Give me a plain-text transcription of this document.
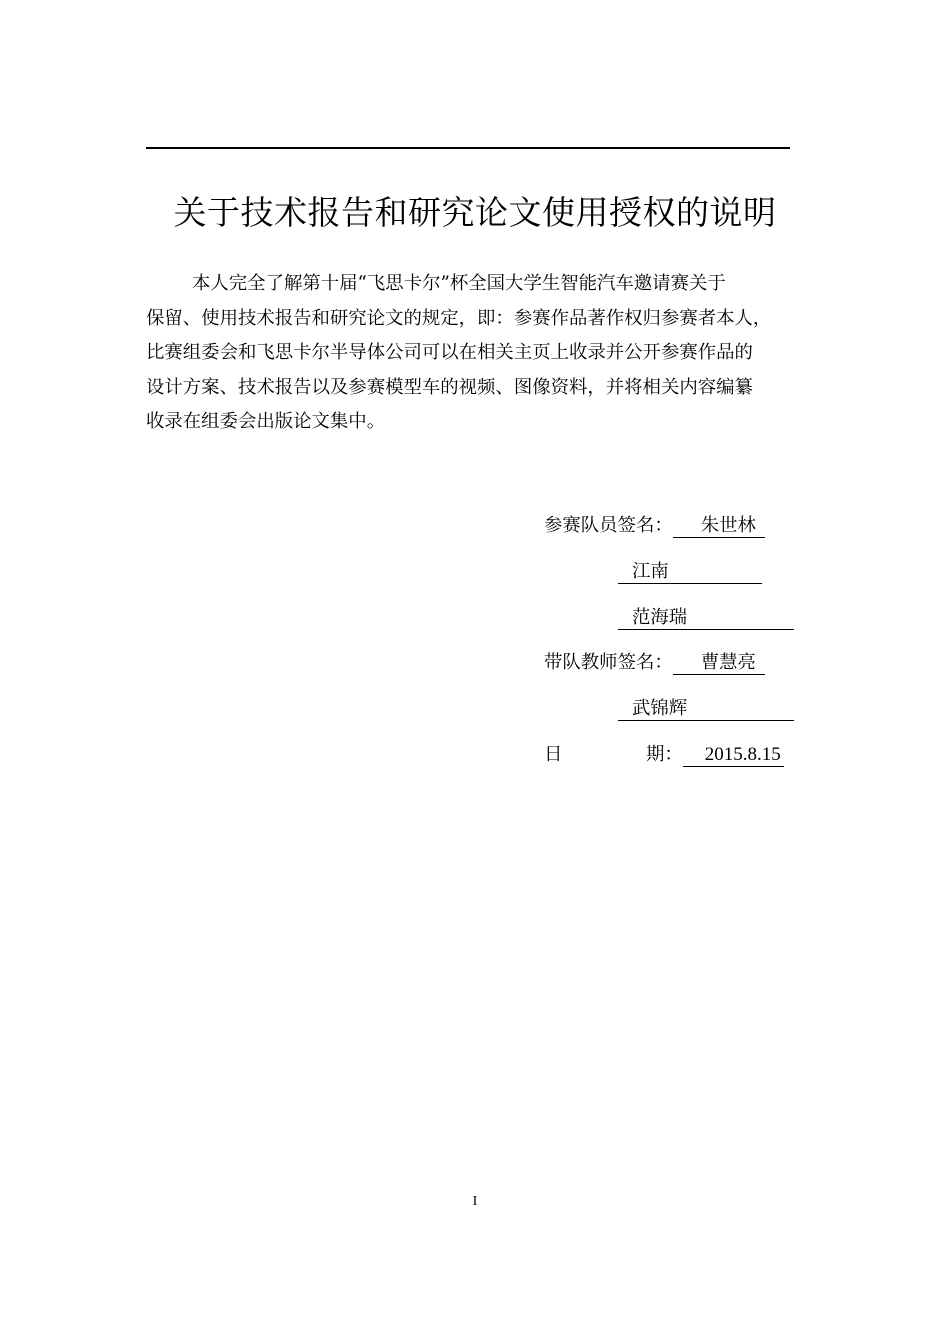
关于技术报告和研究论文使用授权的说明
本人完全了解第十届“飞思卡尔”杯全国大学生智能汽车邀请赛关于
保留、使用技术报告和研究论文的规定，即：参赛作品著作权归参赛者本人，
比赛组委会和飞思卡尔半导体公司可以在相关主页上收录并公开参赛作品的
设计方案、技术报告以及参赛模型车的视频、图像资料，并将相关内容编纂
收录在组委会出版论文集中。
参赛队员签名： 朱世林
江南
范海瑞
带队教师签名： 曹慧亮
武锦辉
日	期： 2015.8.15
I
